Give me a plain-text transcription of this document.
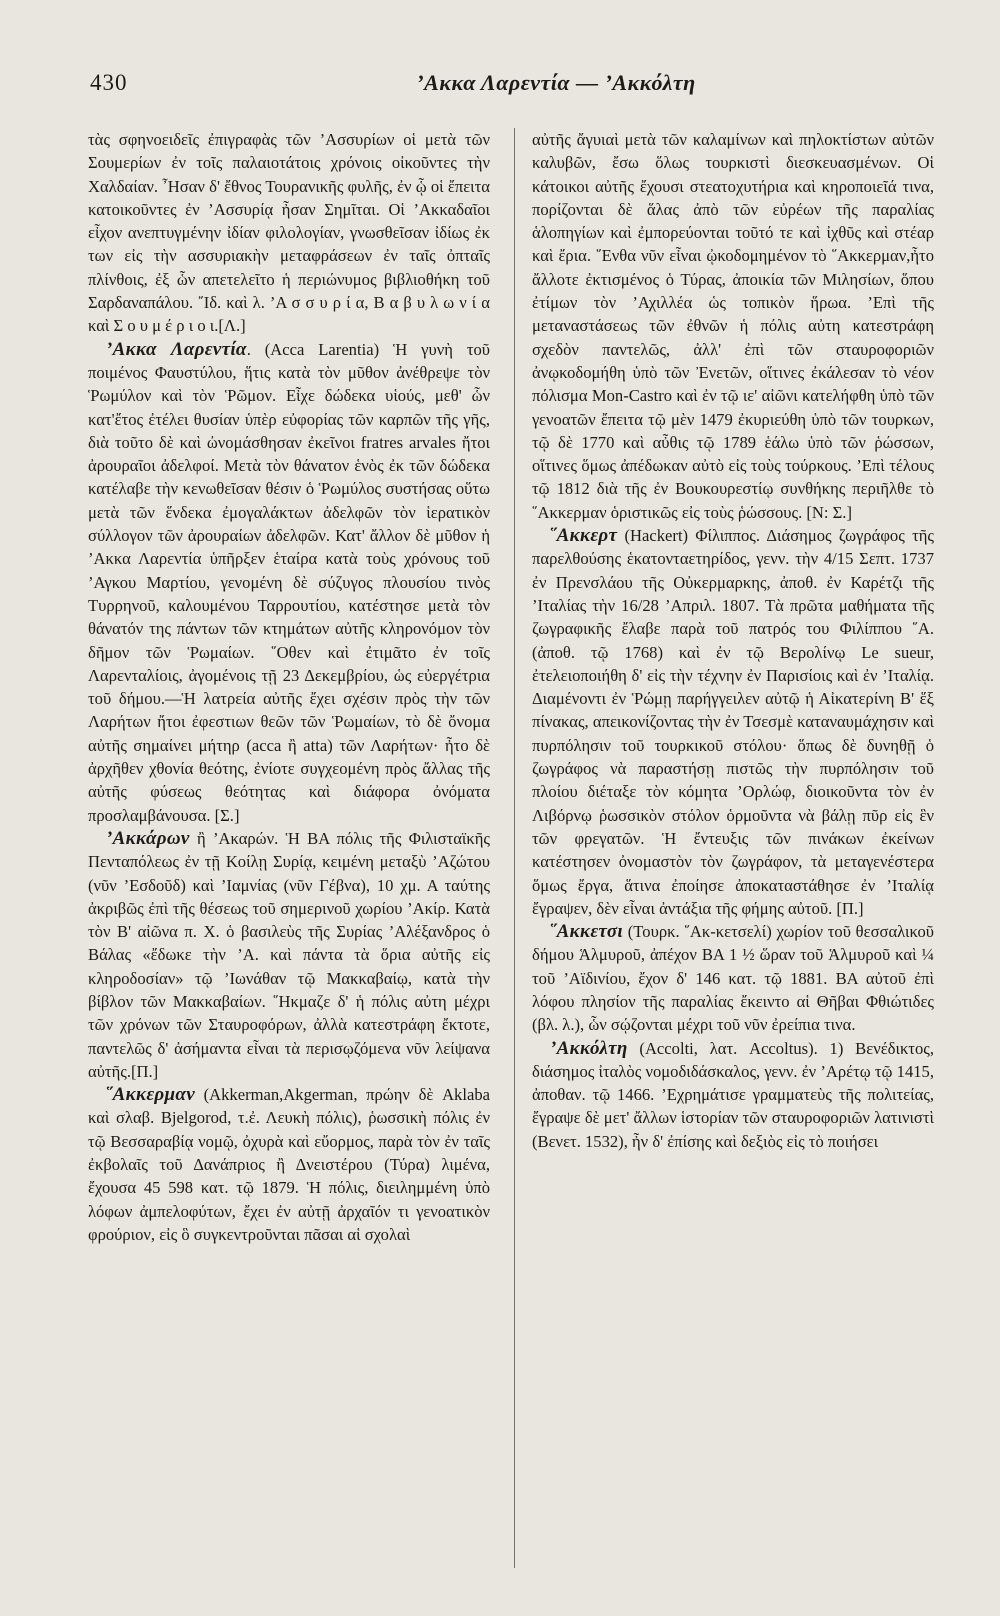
430	’Ακκα Λαρεντία — ’Ακκόλτη

τὰς σφηνοειδεῖς ἐπιγραφὰς τῶν ’Ασσυρίων οἱ μετὰ τῶν Σουμερίων ἐν τοῖς παλαιοτάτοις χρόνοις οἰκοῦντες τὴν Χαλδαίαν. ῏Ησαν δ' ἔθνος Τουρανικῆς φυλῆς, ἐν ᾧ οἱ ἔπειτα κατοικοῦντες ἐν ’Ασσυρίᾳ ἦσαν Σημῖται. Οἱ ’Ακκαδαῖοι εἶχον ανεπτυγμένην ἰδίαν φιλολογίαν, γνωσθεῖσαν ἰδίως ἐκ των εἰς τὴν ασσυριακὴν μεταφράσεων ἐν ταῖς ὀπταῖς πλίνθοις, ἐξ ὧν απετελεῖτο ἡ περιώνυμος βιβλιοθήκη τοῦ Σαρδαναπάλου. ῎Ιδ. καὶ λ. ’Α σ σ υ ρ ί α, Β α β υ λ ω ν ί α καὶ Σ ο υ μ έ ρ ι ο ι.[Λ.]

’Ακκα Λαρεντία. (Acca Larentia) Ἡ γυνὴ τοῦ ποιμένος Φαυστύλου, ἥτις κατὰ τὸν μῦθον ἀνέθρεψε τὸν Ῥωμύλον καὶ τὸν Ῥῶμον. Εἶχε δώδεκα υἱούς, μεθ' ὧν κατ'ἔτος ἐτέλει θυσίαν ὑπὲρ εὐφορίας τῶν καρπῶν τῆς γῆς, διὰ τοῦτο δὲ καὶ ὠνομάσθησαν ἐκεῖνοι fratres arvales ἤτοι ἀρουραῖοι ἀδελφοί. Μετὰ τὸν θάνατον ἑνὸς ἐκ τῶν δώδεκα κατέλαβε τὴν κενωθεῖσαν θέσιν ὁ Ῥωμύλος συστήσας οὕτω μετὰ τῶν ἕνδεκα ἐμογαλάκτων ἀδελφῶν τὸν ἱερατικὸν σύλλογον τῶν ἀρουραίων ἀδελφῶν. Κατ' ἄλλον δὲ μῦθον ἡ ’Ακκα Λαρεντία ὑπῆρξεν ἑταίρα κατὰ τοὺς χρόνους τοῦ ’Αγκου Μαρτίου, γενομένη δὲ σύζυγος πλουσίου τινὸς Τυρρηνοῦ, καλουμένου Ταρρουτίου, κατέστησε μετὰ τὸν θάνατόν της πάντων τῶν κτημάτων αὐτῆς κληρονόμον τὸν δῆμον τῶν Ῥωμαίων. ῞Οθεν καὶ ἐτιμᾶτο ἐν τοῖς Λαρενταλίοις, ἀγομένοις τῇ 23 Δεκεμβρίου, ὡς εὐεργέτρια τοῦ δήμου.—Ἡ λατρεία αὐτῆς ἔχει σχέσιν πρὸς τὴν τῶν Λαρήτων ἤτοι ἐφεστιων θεῶν τῶν Ῥωμαίων, τὸ δὲ ὄνομα αὐτῆς σημαίνει μήτηρ (acca ἢ atta) τῶν Λαρήτων· ἦτο δὲ ἀρχῆθεν χθονία θεότης, ἐνίοτε συγχεομένη πρὸς ἄλλας τῆς αὐτῆς φύσεως θεότητας καὶ διάφορα ὀνόματα προσλαμβάνουσα. [Σ.]

’Ακκάρων ἢ ’Ακαρών. Ἡ ΒΑ πόλις τῆς Φιλισταϊκῆς Πενταπόλεως ἐν τῇ Κοίλῃ Συρίᾳ, κειμένη μεταξὺ ’Αζώτου (νῦν ’Εσδοῦδ) καὶ ’Ιαμνίας (νῦν Γέβνα), 10 χμ. Α ταύτης ἀκριβῶς ἐπὶ τῆς θέσεως τοῦ σημερινοῦ χωρίου ’Ακίρ. Κατὰ τὸν Β' αἰῶνα π. Χ. ὁ βασιλεὺς τῆς Συρίας ’Αλέξανδρος ὁ Βάλας «ἔδωκε τὴν ’Α. καὶ πάντα τὰ ὅρια αὐτῆς εἰς κληροδοσίαν» τῷ ’Ιωνάθαν τῷ Μακκαβαίῳ, κατὰ τὴν βίβλον τῶν Μακκαβαίων. ῞Ηκμαζε δ' ἡ πόλις αὐτη μέχρι τῶν χρόνων τῶν Σταυροφόρων, ἀλλὰ κατεστράφη ἔκτοτε, παντελῶς δ' ἀσήμαντα εἶναι τὰ περισῳζόμενα νῦν λείψανα αὐτῆς.[Π.]

῞Ακκερμαν (Akkerman,Akgerman, πρώην δὲ Aklaba καὶ σλαβ. Bjelgorod, τ.ἐ. Λευκὴ πόλις), ῥωσσικὴ πόλις ἐν τῷ Βεσσαραβίᾳ νομῷ, ὀχυρὰ καὶ εὔορμος, παρὰ τὸν ἐν ταῖς ἐκβολαῖς τοῦ Δανάπριος ἢ Δνειστέρου (Τύρα) λιμένα, ἔχουσα 45 598 κατ. τῷ 1879. Ἡ πόλις, διειλημμένη ὑπὸ λόφων ἀμπελοφύτων, ἔχει ἐν αὐτῇ ἀρχαῖόν τι γενοατικὸν φρούριον, εἰς ὃ συγκεντροῦνται πᾶσαι αἱ σχολαὶ

αὐτῆς ἄγυιαὶ μετὰ τῶν καλαμίνων καὶ πηλοκτίστων αὐτῶν καλυβῶν, ἔσω ὅλως τουρκιστὶ διεσκευασμένων. Οἱ κάτοικοι αὐτῆς ἔχουσι στεατοχυτήρια καὶ κηροποιεῖά τινα, πορίζονται δὲ ἅλας ἀπὸ τῶν εὐρέων τῆς παραλίας ἁλοπηγίων καὶ ἐμπορεύονται τοῦτό τε καὶ ἰχθῦς καὶ στέαρ καὶ ἔρια. ῞Ενθα νῦν εἶναι ᾠκοδομημένον τὸ ῞Ακκερμαν,ἦτο ἄλλοτε ἐκτισμένος ὁ Τύρας, ἀποικία τῶν Μιλησίων, ὅπου ἐτίμων τὸν ’Αχιλλέα ὡς τοπικὸν ἥρωα. ’Επὶ τῆς μεταναστάσεως τῶν ἐθνῶν ἡ πόλις αὐτη κατεστράφη σχεδὸν παντελῶς, ἀλλ' ἐπὶ τῶν σταυροφοριῶν ἀνῳκοδομήθη ὑπὸ τῶν Ἐνετῶν, οἵτινες ἐκάλεσαν τὸ νέον πόλισμα Mon-Castro καὶ ἐν τῷ ιε' αἰῶνι κατελήφθη ὑπὸ τῶν γενοατῶν ἔπειτα τῷ μὲν 1479 ἐκυριεύθη ὑπὸ τῶν τουρκων, τῷ δὲ 1770 καὶ αὖθις τῷ 1789 ἑάλω ὑπὸ τῶν ῥώσσων, οἵτινες ὅμως ἀπέδωκαν αὐτὸ εἰς τοὺς τούρκους. ’Επὶ τέλους τῷ 1812 διὰ τῆς ἐν Βουκουρεστίῳ συνθήκης περιῆλθε τὸ ῞Ακκερμαν ὁριστικῶς εἰς τοὺς ῥώσσους. [N: Σ.]

῞Ακκερτ (Hackert) Φίλιππος. Διάσημος ζωγράφος τῆς παρελθούσης ἑκατονταετηρίδος, γενν. τὴν 4/15 Σεπτ. 1737 ἐν Πρενσλάου τῆς Οὐκερμαρκης, ἀποθ. ἐν Καρέτζι τῆς ’Ιταλίας τὴν 16/28 ’Απριλ. 1807. Τὰ πρῶτα μαθήματα τῆς ζωγραφικῆς ἔλαβε παρὰ τοῦ πατρός του Φιλίππου ῞Α. (ἀποθ. τῷ 1768) καὶ ἐν τῷ Βερολίνῳ Le sueur, ἐτελειοποιήθη δ' εἰς τὴν τέχνην ἐν Παρισίοις καὶ ἐν ’Ιταλίᾳ. Διαμένοντι ἐν Ῥώμῃ παρήγγειλεν αὐτῷ ἡ Αἰκατερίνη Β' ἕξ πίνακας, απεικονίζοντας τὴν ἐν Τσεσμὲ καταναυμάχησιν καὶ πυρπόλησιν τοῦ τουρκικοῦ στόλου· ὅπως δὲ δυνηθῇ ὁ ζωγράφος νὰ παραστήσῃ πιστῶς τὴν πυρπόλησιν τοῦ πλοίου διέταξε τὸν κόμητα ’Ορλώφ, διοικοῦντα τὸν ἐν Λιβόρνῳ ῥωσσικὸν στόλον ὁρμοῦντα νὰ βάλῃ πῦρ εἰς ἓν τῶν φρεγατῶν. Ἡ ἔντευξις τῶν πινάκων ἐκείνων κατέστησεν ὀνομαστὸν τὸν ζωγράφον, τὰ μεταγενέστερα ὅμως ἔργα, ἅτινα ἐποίησε ἀποκαταστάθησε ἐν ’Ιταλίᾳ ἔγραψεν, δὲν εἶναι ἀντάξια τῆς φήμης αὐτοῦ. [Π.]

῞Ακκετσι (Τουρκ. ῞Ακ-κετσελί) χωρίον τοῦ θεσσαλικοῦ δήμου Ἁλμυροῦ, ἀπέχον ΒΑ 1 ½ ὥραν τοῦ Ἁλμυροῦ καὶ ¼ τοῦ ’Αϊδινίου, ἔχον δ' 146 κατ. τῷ 1881. ΒΑ αὐτοῦ ἐπὶ λόφου πλησίον τῆς παραλίας ἔκειντο αἱ Θῆβαι Φθιώτιδες (βλ. λ.), ὧν σῴζονται μέχρι τοῦ νῦν ἐρείπια τινα.

’Ακκόλτη (Accolti, λατ. Accoltus). 1) Βενέδικτος, διάσημος ἰταλὸς νομοδιδάσκαλος, γενν. ἐν ’Αρέτῳ τῷ 1415, ἀποθαν. τῷ 1466. ’Εχρημάτισε γραμματεὺς τῆς πολιτείας, ἔγραψε δὲ μετ' ἄλλων ἱστορίαν τῶν σταυροφοριῶν λατινιστὶ (Βενετ. 1532), ἦν δ' ἐπίσης καὶ δεξιὸς εἰς τὸ ποιήσει
